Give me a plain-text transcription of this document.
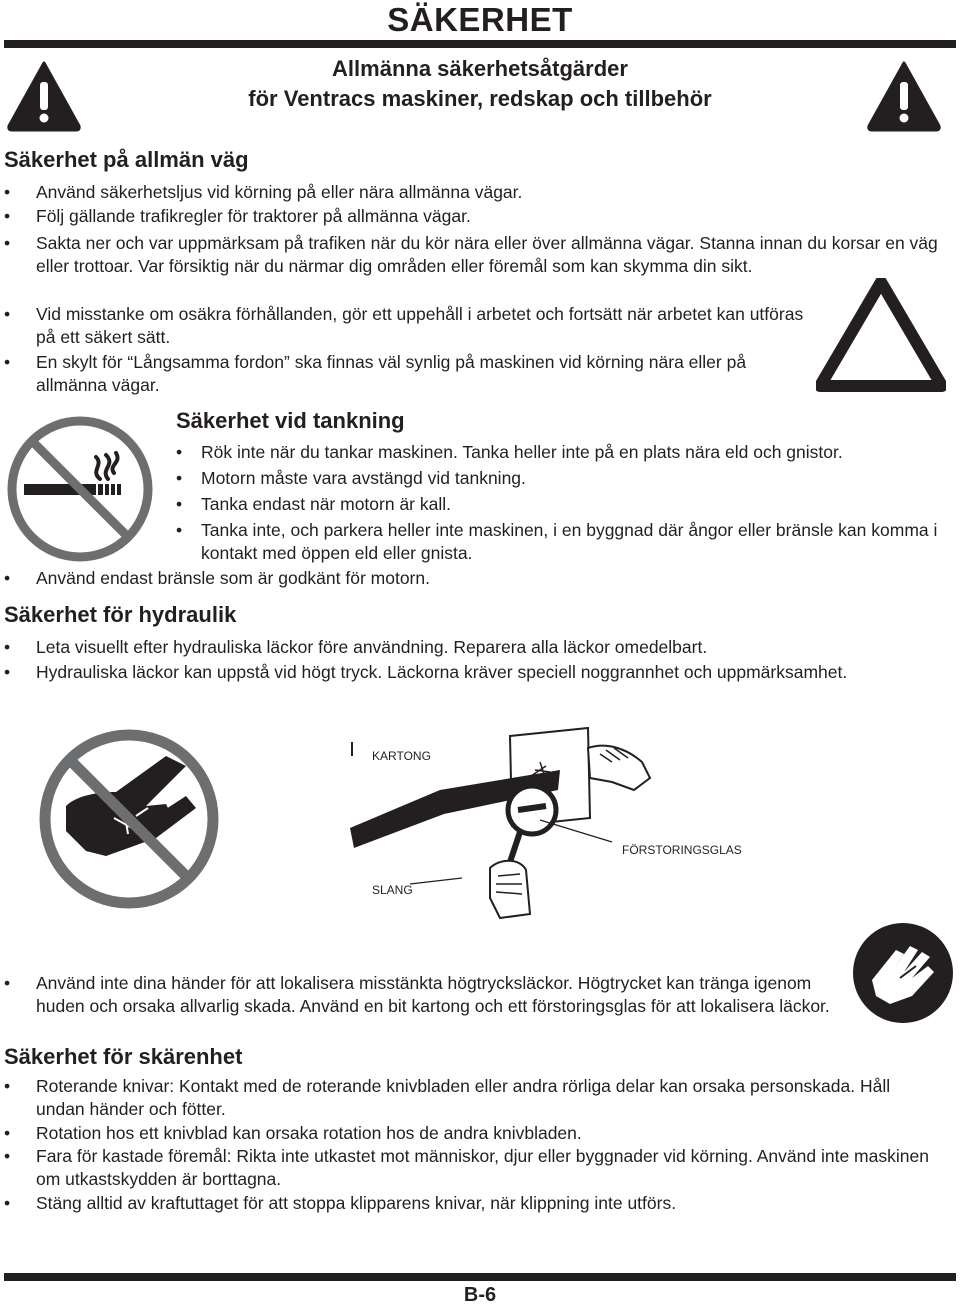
SÄKERHET
Allmänna säkerhetsåtgärder
för Ventracs maskiner, redskap och tillbehör
Säkerhet på allmän väg
• Använd säkerhetsljus vid körning på eller nära allmänna vägar.
• Följ gällande trafikregler för traktorer på allmänna vägar.
• Sakta ner och var uppmärksam på trafiken när du kör nära eller över allmänna vägar. Stanna innan du korsar en väg eller trottoar. Var försiktig när du närmar dig områden eller föremål som kan skymma din sikt.
• Vid misstanke om osäkra förhållanden, gör ett uppehåll i arbetet och fortsätt när arbetet kan utföras på ett säkert sätt.
• En skylt för “Långsamma fordon” ska finnas väl synlig på maskinen vid körning nära eller på allmänna vägar.
Säkerhet vid tankning
• Rök inte när du tankar maskinen. Tanka heller inte på en plats nära eld och gnistor.
• Motorn måste vara avstängd vid tankning.
• Tanka endast när motorn är kall.
• Tanka inte, och parkera heller inte maskinen, i en byggnad där ångor eller bränsle kan komma i kontakt med öppen eld eller gnista.
• Använd endast bränsle som är godkänt för motorn.
Säkerhet för hydraulik
• Leta visuellt efter hydrauliska läckor före användning. Reparera alla läckor omedelbart.
• Hydrauliska läckor kan uppstå vid högt tryck. Läckorna kräver speciell noggrannhet och uppmärksamhet.
KARTONG
FÖRSTORINGSGLAS
SLANG
• Använd inte dina händer för att lokalisera misstänkta högtrycksläckor. Högtrycket kan tränga igenom huden och orsaka allvarlig skada. Använd en bit kartong och ett förstoringsglas för att lokalisera läckor.
Säkerhet för skärenhet
• Roterande knivar: Kontakt med de roterande knivbladen eller andra rörliga delar kan orsaka personskada. Håll undan händer och fötter.
• Rotation hos ett knivblad kan orsaka rotation hos de andra knivbladen.
• Fara för kastade föremål: Rikta inte utkastet mot människor, djur eller byggnader vid körning. Använd inte maskinen om utkastskydden är borttagna.
• Stäng alltid av kraftuttaget för att stoppa klipparens knivar, när klippning inte utförs.
B-6
